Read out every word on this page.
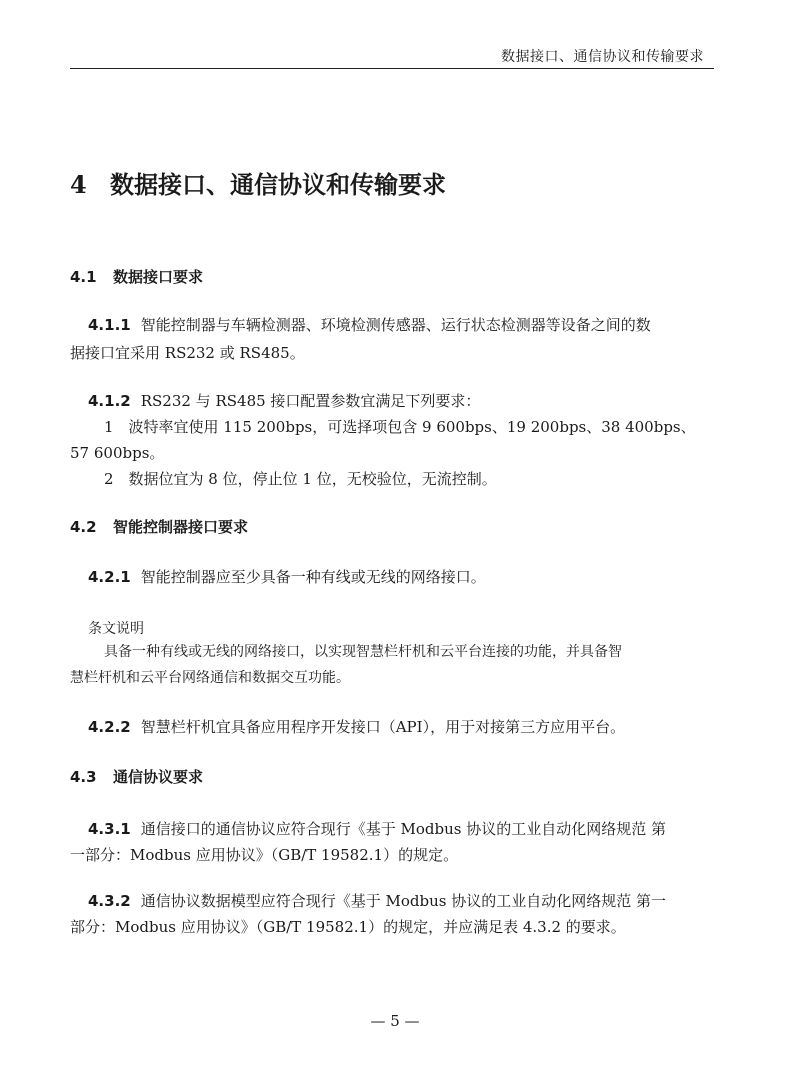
数据接口、通信协议和传输要求
4 数据接口、通信协议和传输要求
4.1 数据接口要求
4.1.1 智能控制器与车辆检测器、环境检测传感器、运行状态检测器等设备之间的数
据接口宜采用 RS232 或 RS485。
4.1.2 RS232 与 RS485 接口配置参数宜满足下列要求：
1　波特率宜使用 115 200bps，可选择项包含 9 600bps、19 200bps、38 400bps、
57 600bps。
2　数据位宜为 8 位，停止位 1 位，无校验位，无流控制。
4.2 智能控制器接口要求
4.2.1 智能控制器应至少具备一种有线或无线的网络接口。
条文说明
具备一种有线或无线的网络接口，以实现智慧栏杆机和云平台连接的功能，并具备智
慧栏杆机和云平台网络通信和数据交互功能。
4.2.2 智慧栏杆机宜具备应用程序开发接口（API），用于对接第三方应用平台。
4.3 通信协议要求
4.3.1 通信接口的通信协议应符合现行《基于 Modbus 协议的工业自动化网络规范 第
一部分：Modbus 应用协议》（GB/T 19582.1）的规定。
4.3.2 通信协议数据模型应符合现行《基于 Modbus 协议的工业自动化网络规范 第一
部分：Modbus 应用协议》（GB/T 19582.1）的规定，并应满足表 4.3.2 的要求。
— 5 —
